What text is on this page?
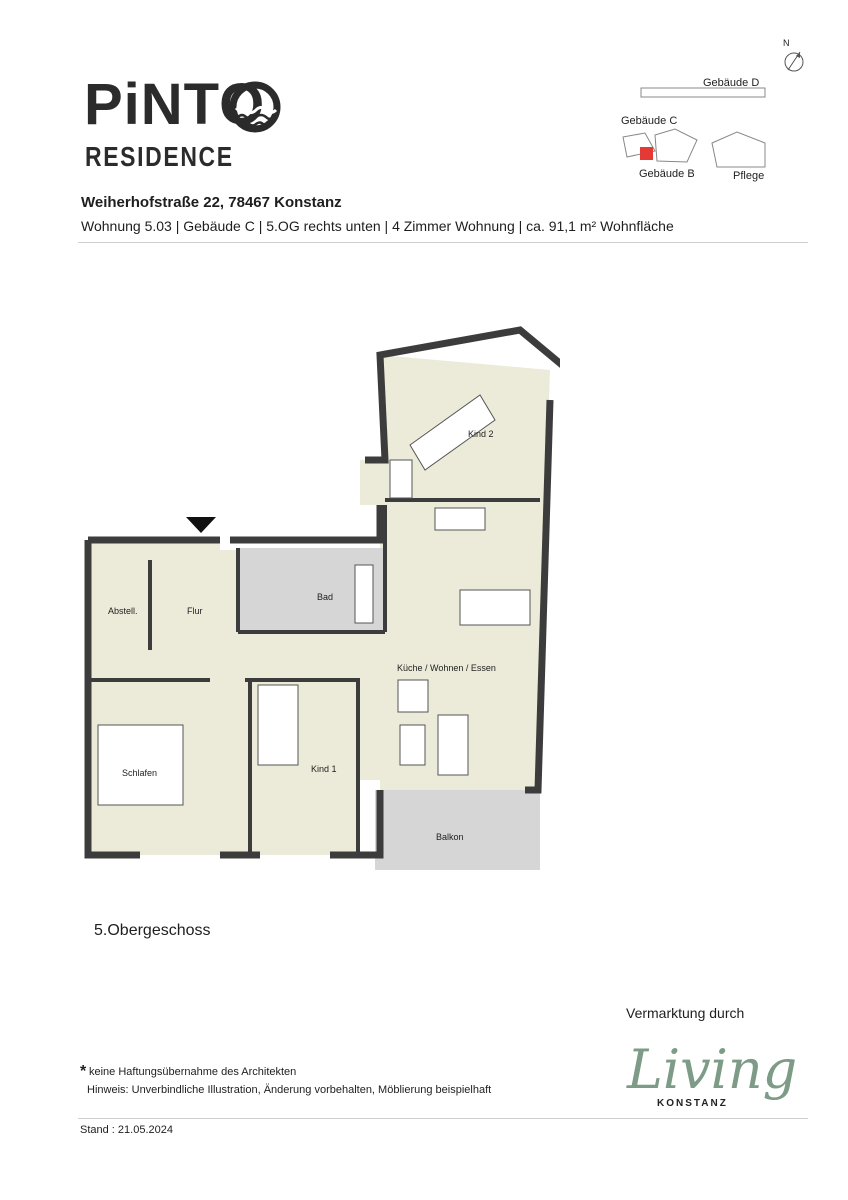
PiNTO
RESIDENCE
Weiherhofstraße 22, 78467 Konstanz
Wohnung 5.03 | Gebäude C | 5.OG rechts unten | 4 Zimmer Wohnung | ca. 91,1 m² Wohnfläche
N
Gebäude D
Gebäude C
Gebäude B	Pflege
Kind 2
Bad
Flur
Abstell.
Küche / Wohnen / Essen
Schlafen	Kind 1
Balkon
5.Obergeschoss
Vermarktung durch
Living
KONSTANZ
* keine Haftungsübernahme des Architekten
Hinweis: Unverbindliche Illustration, Änderung vorbehalten, Möblierung beispielhaft
Stand : 21.05.2024
